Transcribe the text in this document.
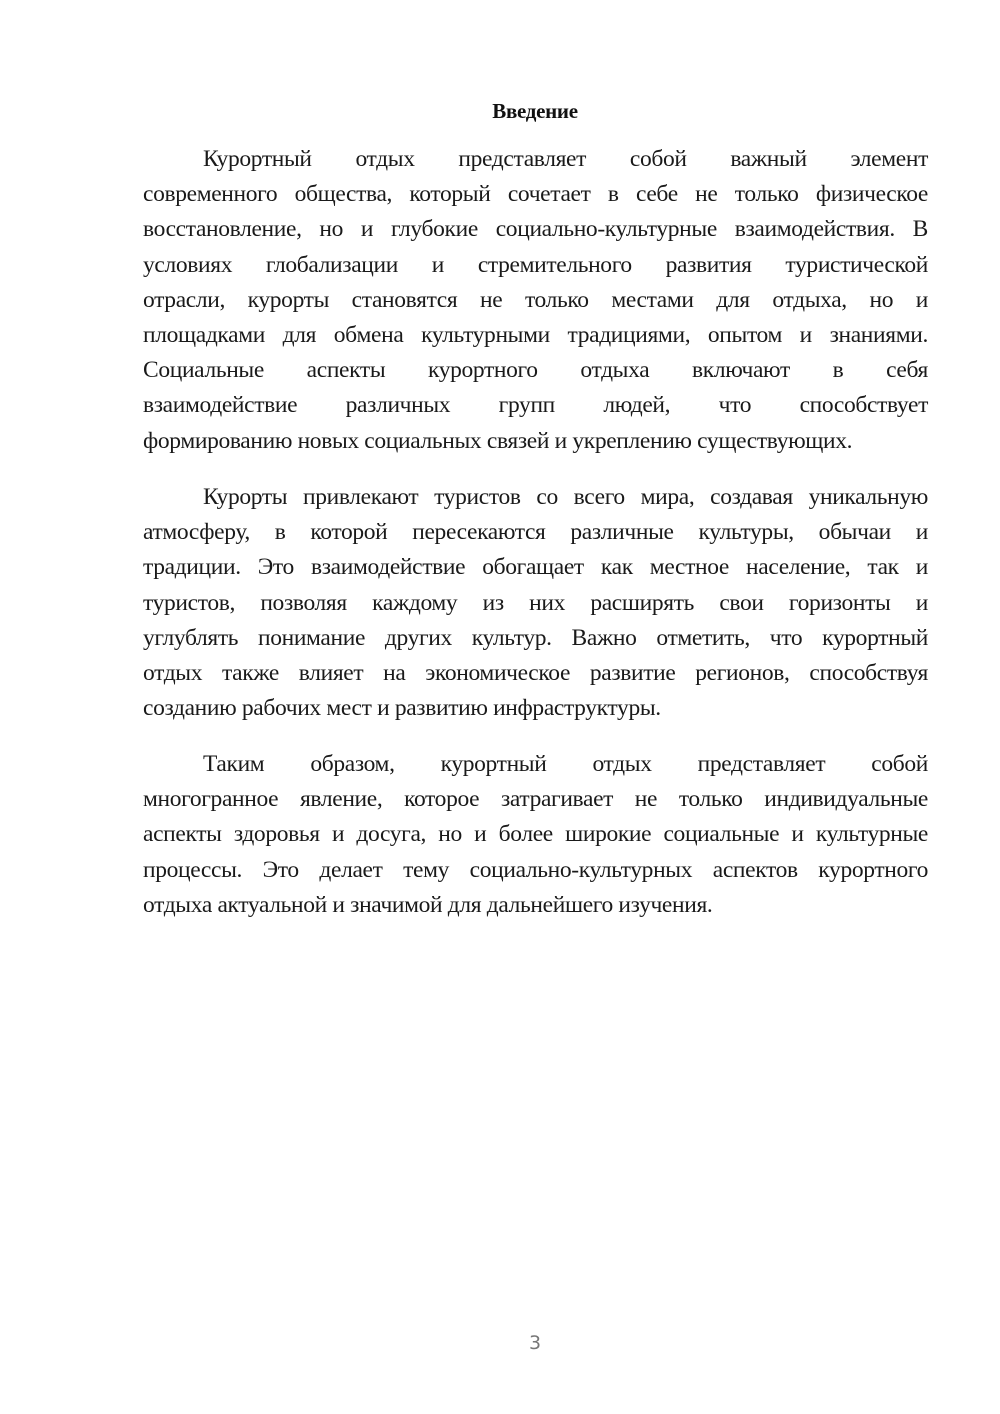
Введение
Курортный отдых представляет собой важный элемент
современного общества, который сочетает в себе не только физическое
восстановление, но и глубокие социально-культурные взаимодействия. В
условиях глобализации и стремительного развития туристической
отрасли, курорты становятся не только местами для отдыха, но и
площадками для обмена культурными традициями, опытом и знаниями.
Социальные аспекты курортного отдыха включают в себя
взаимодействие различных групп людей, что способствует
формированию новых социальных связей и укреплению существующих.
Курорты привлекают туристов со всего мира, создавая уникальную
атмосферу, в которой пересекаются различные культуры, обычаи и
традиции. Это взаимодействие обогащает как местное население, так и
туристов, позволяя каждому из них расширять свои горизонты и
углублять понимание других культур. Важно отметить, что курортный
отдых также влияет на экономическое развитие регионов, способствуя
созданию рабочих мест и развитию инфраструктуры.
Таким образом, курортный отдых представляет собой
многогранное явление, которое затрагивает не только индивидуальные
аспекты здоровья и досуга, но и более широкие социальные и культурные
процессы. Это делает тему социально-культурных аспектов курортного
отдыха актуальной и значимой для дальнейшего изучения.
3
